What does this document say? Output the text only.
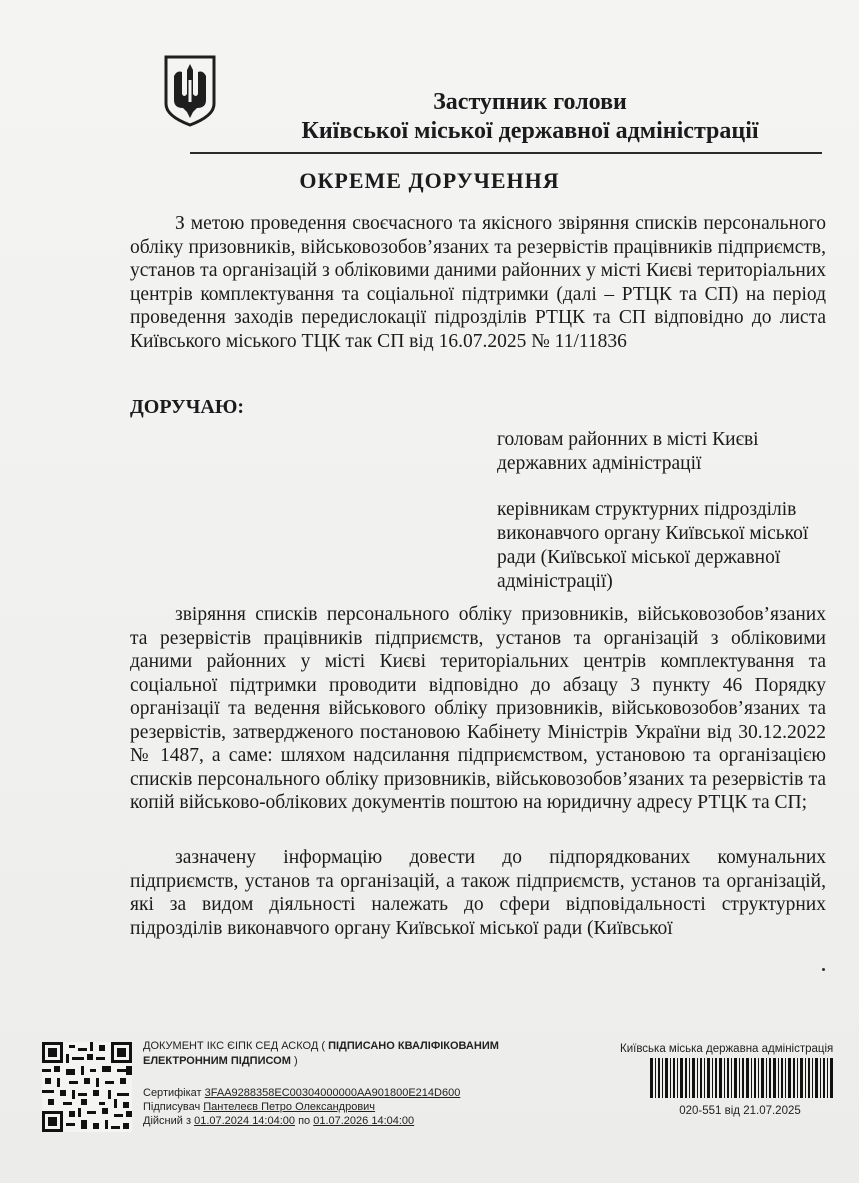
Заступник голови
Київської міської державної адміністрації
ОКРЕМЕ ДОРУЧЕННЯ

З метою проведення своєчасного та якісного звіряння списків персонального обліку призовників, військовозобов’язаних та резервістів працівників підприємств, установ та організацій з обліковими даними районних у місті Києві територіальних центрів комплектування та соціальної підтримки (далі – РТЦК та СП) на період проведення заходів передислокації підрозділів РТЦК та СП відповідно до листа Київського міського ТЦК так СП від 16.07.2025 № 11/11836

ДОРУЧАЮ:

головам районних в місті Києві державних адміністрації

керівникам структурних підрозділів виконавчого органу Київської міської ради (Київської міської державної адміністрації)

звіряння списків персонального обліку призовників, військовозобов’язаних та резервістів працівників підприємств, установ та організацій з обліковими даними районних у місті Києві територіальних центрів комплектування та соціальної підтримки проводити відповідно до абзацу 3 пункту 46 Порядку організації та ведення військового обліку призовників, військовозобов’язаних та резервістів, затвердженого постановою Кабінету Міністрів України від 30.12.2022 № 1487, а саме: шляхом надсилання підприємством, установою та організацією списків персонального обліку призовників, військовозобов’язаних та резервістів та копій військово-облікових документів поштою на юридичну адресу РТЦК та СП;

зазначену інформацію довести до підпорядкованих комунальних підприємств, установ та організацій, а також підприємств, установ та організацій, які за видом діяльності належать до сфери відповідальності структурних підрозділів виконавчого органу Київської міської ради (Київської

ДОКУМЕНТ ІКС ЄІПК СЕД АСКОД ( ПІДПИСАНО КВАЛІФІКОВАНИМ ЕЛЕКТРОННИМ ПІДПИСОМ )
Сертифікат 3FAA9288358EC00304000000AA901800E214D600
Підписувач Пантелеєв Петро Олександрович
Дійсний з 01.07.2024 14:04:00 по 01.07.2026 14:04:00
Київська міська державна адміністрація
020-551 від 21.07.2025
